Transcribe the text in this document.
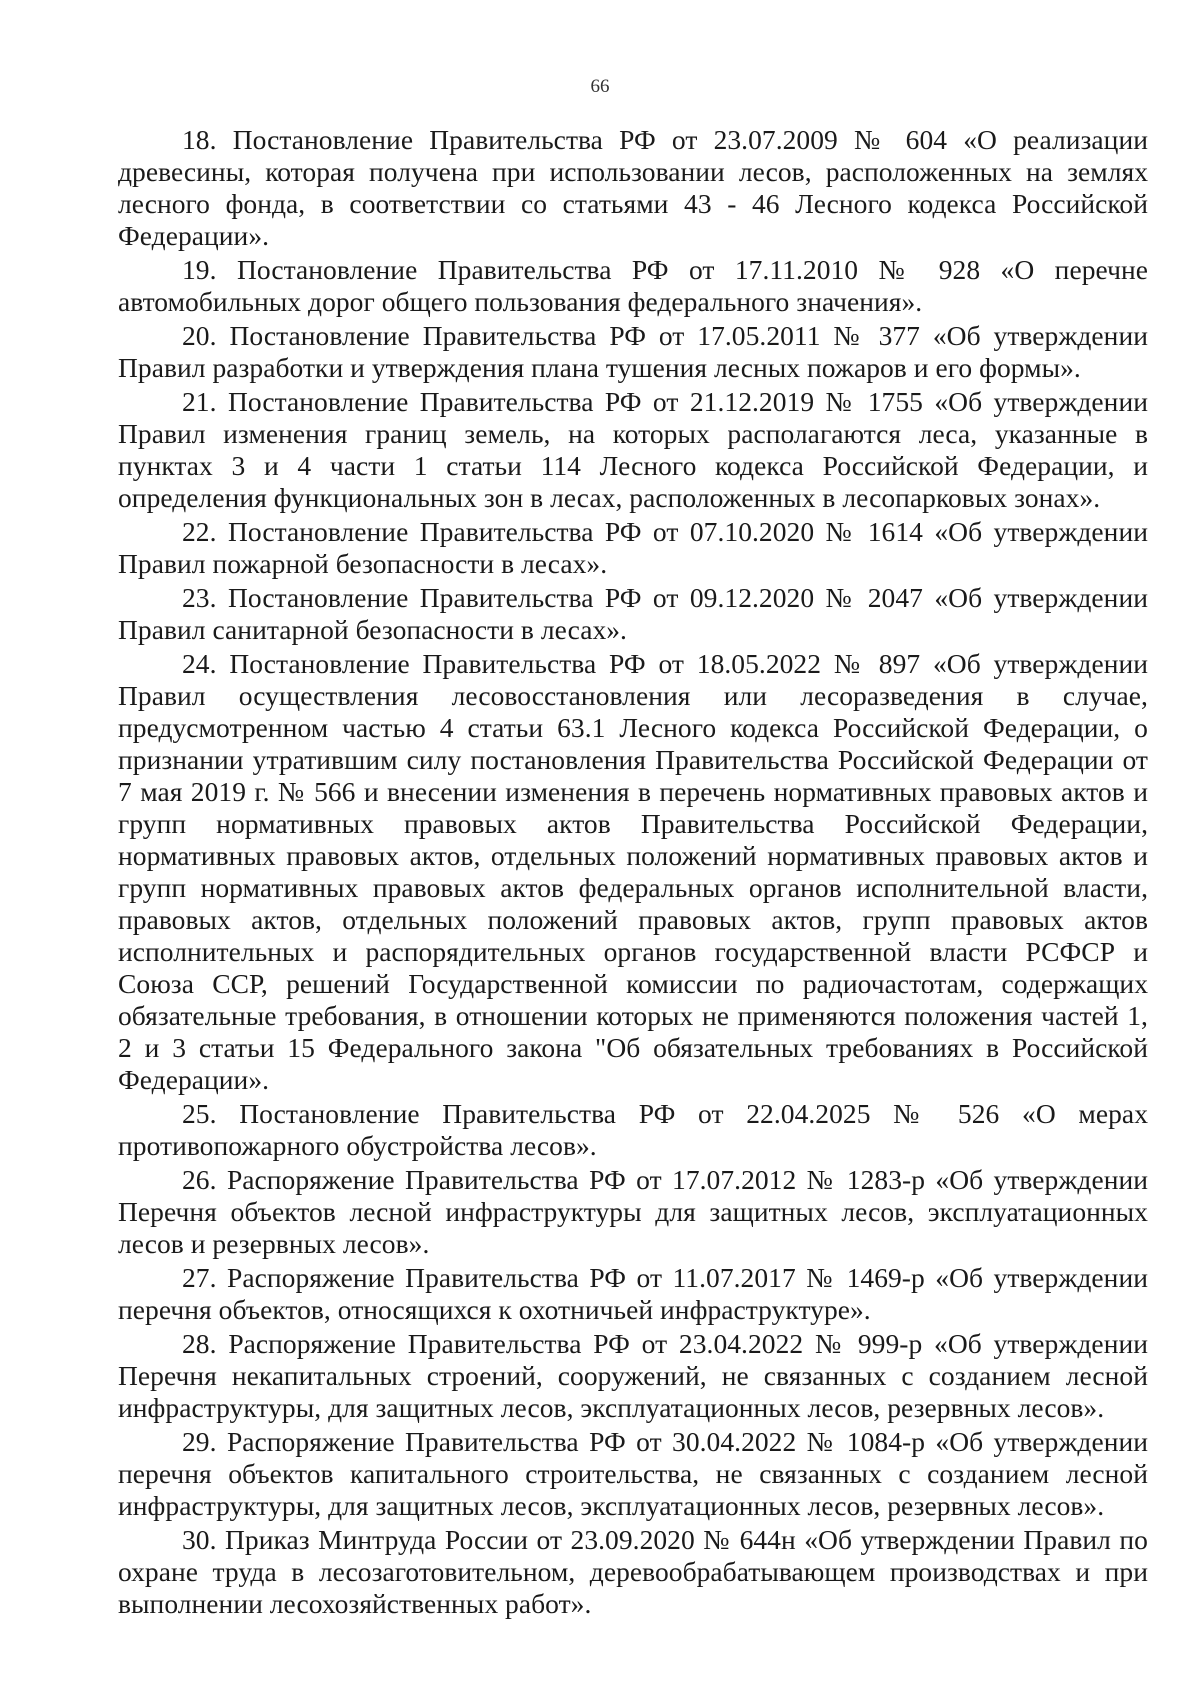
66

18. Постановление Правительства РФ от 23.07.2009 № 604 «О реализации древесины, которая получена при использовании лесов, расположенных на землях лесного фонда, в соответствии со статьями 43 - 46 Лесного кодекса Российской Федерации».

19. Постановление Правительства РФ от 17.11.2010 № 928 «О перечне автомобильных дорог общего пользования федерального значения».

20. Постановление Правительства РФ от 17.05.2011 № 377 «Об утверждении Правил разработки и утверждения плана тушения лесных пожаров и его формы».

21. Постановление Правительства РФ от 21.12.2019 № 1755 «Об утверждении Правил изменения границ земель, на которых располагаются леса, указанные в пунктах 3 и 4 части 1 статьи 114 Лесного кодекса Российской Федерации, и определения функциональных зон в лесах, расположенных в лесопарковых зонах».

22. Постановление Правительства РФ от 07.10.2020 № 1614 «Об утверждении Правил пожарной безопасности в лесах».

23. Постановление Правительства РФ от 09.12.2020 № 2047 «Об утверждении Правил санитарной безопасности в лесах».

24. Постановление Правительства РФ от 18.05.2022 № 897 «Об утверждении Правил осуществления лесовосстановления или лесоразведения в случае, предусмотренном частью 4 статьи 63.1 Лесного кодекса Российской Федерации, о признании утратившим силу постановления Правительства Российской Федерации от 7 мая 2019 г. № 566 и внесении изменения в перечень нормативных правовых актов и групп нормативных правовых актов Правительства Российской Федерации, нормативных правовых актов, отдельных положений нормативных правовых актов и групп нормативных правовых актов федеральных органов исполнительной власти, правовых актов, отдельных положений правовых актов, групп правовых актов исполнительных и распорядительных органов государственной власти РСФСР и Союза ССР, решений Государственной комиссии по радиочастотам, содержащих обязательные требования, в отношении которых не применяются положения частей 1, 2 и 3 статьи 15 Федерального закона "Об обязательных требованиях в Российской Федерации».

25. Постановление Правительства РФ от 22.04.2025 № 526 «О мерах противопожарного обустройства лесов».

26. Распоряжение Правительства РФ от 17.07.2012 № 1283-р «Об утверждении Перечня объектов лесной инфраструктуры для защитных лесов, эксплуатационных лесов и резервных лесов».

27. Распоряжение Правительства РФ от 11.07.2017 № 1469-р «Об утверждении перечня объектов, относящихся к охотничьей инфраструктуре».

28. Распоряжение Правительства РФ от 23.04.2022 № 999-р «Об утверждении Перечня некапитальных строений, сооружений, не связанных с созданием лесной инфраструктуры, для защитных лесов, эксплуатационных лесов, резервных лесов».

29. Распоряжение Правительства РФ от 30.04.2022 № 1084-р «Об утверждении перечня объектов капитального строительства, не связанных с созданием лесной инфраструктуры, для защитных лесов, эксплуатационных лесов, резервных лесов».

30. Приказ Минтруда России от 23.09.2020 № 644н «Об утверждении Правил по охране труда в лесозаготовительном, деревообрабатывающем производствах и при выполнении лесохозяйственных работ».
